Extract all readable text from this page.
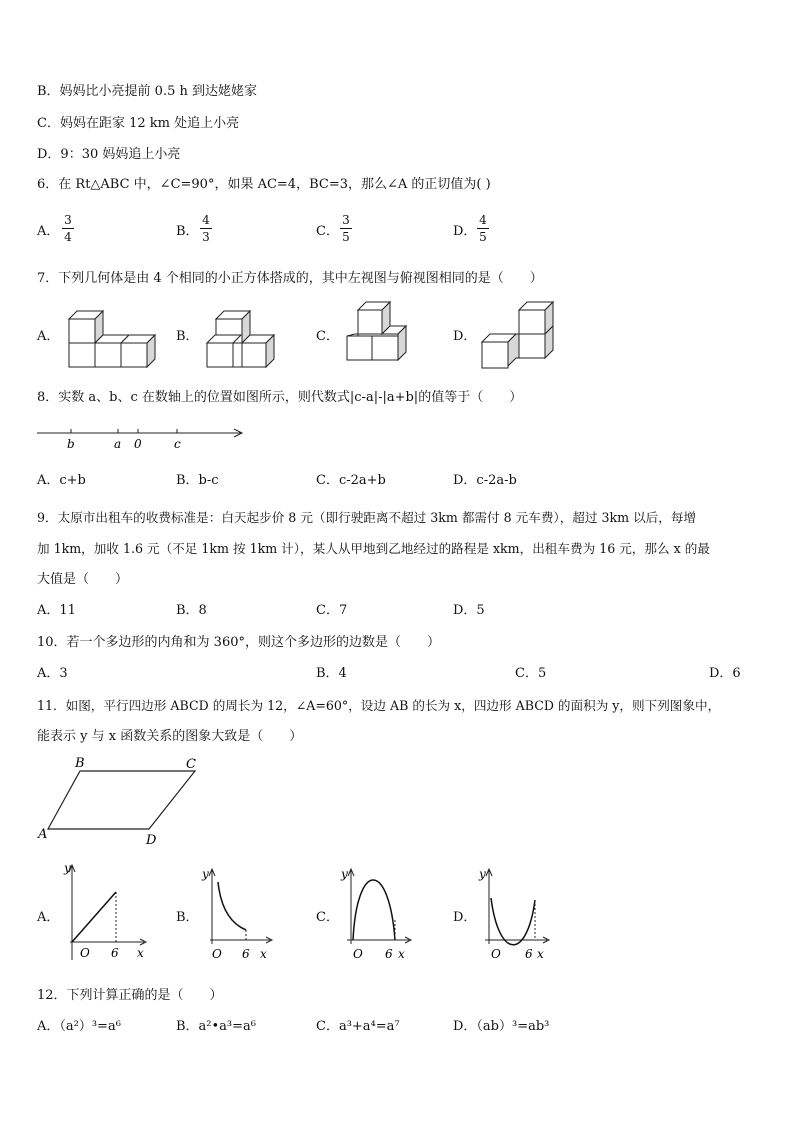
B．妈妈比小亮提前 0.5 h 到达姥姥家
C．妈妈在距家 12 km 处追上小亮
D．9：30 妈妈追上小亮
6．在 Rt△ABC 中，∠C=90°，如果 AC=4，BC=3，那么∠A 的正切值为( )
A．
3
4	B．
4
3	C．
3
5	D．
4
5
7．下列几何体是由 4 个相同的小正方体搭成的，其中左视图与俯视图相同的是（　　）
A．	B．	C．	D．
8．实数 a、b、c 在数轴上的位置如图所示，则代数式|c-a|-|a+b|的值等于（　　）
b	a 0	c
A．c+b	B．b-c	C．c-2a+b	D．c-2a-b
9．太原市出租车的收费标准是：白天起步价 8 元（即行驶距离不超过 3km 都需付 8 元车费），超过 3km 以后，每增
加 1km，加收 1.6 元（不足 1km 按 1km 计），某人从甲地到乙地经过的路程是 xkm，出租车费为 16 元，那么 x 的最
大值是（　　）
A．11	B．8	C．7	D．5
10．若一个多边形的内角和为 360°，则这个多边形的边数是（　　）
A．3	B．4	C．5	D．6
11．如图，平行四边形 ABCD 的周长为 12，∠A=60°，设边 AB 的长为 x，四边形 ABCD 的面积为 y，则下列图象中，
能表示 y 与 x 函数关系的图象大致是（　　）
A
B	C
D
A．	B．	C．	D．
y
x
O 6
y
x
O 6
y
x
O 6
y
x
O 6
12．下列计算正确的是（　　）
A．（a²）³=a⁶	B．a²•a³=a⁶	C．a³+a⁴=a⁷	D．（ab）³=ab³
